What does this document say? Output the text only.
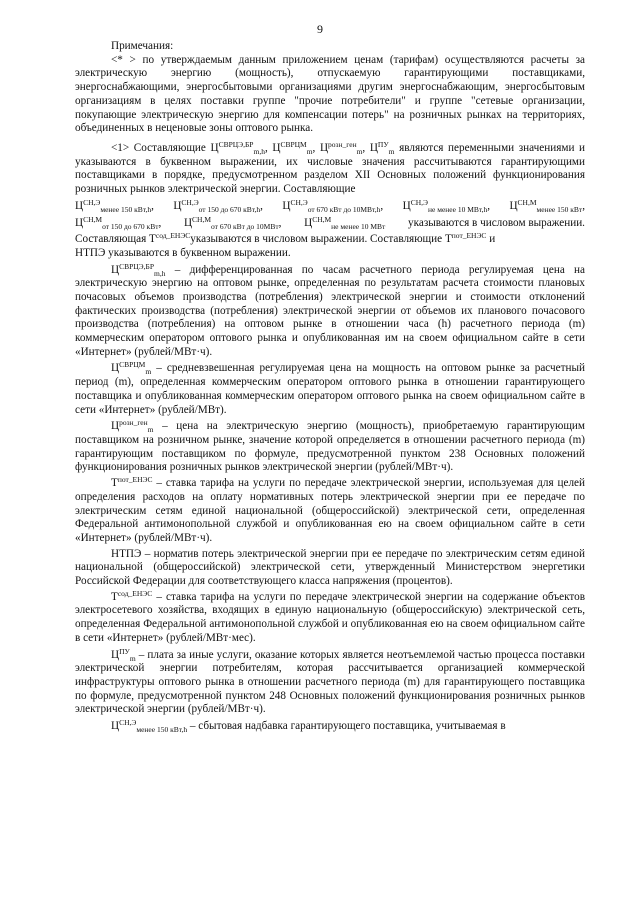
9

Примечания:

<* > по утверждаемым данным приложением ценам (тарифам) осуществляются расчеты за электрическую энергию (мощность), отпускаемую гарантирующими поставщиками, энергоснабжающими, энергосбытовыми организациями другим энергоснабжающим, энергосбытовым организациям в целях поставки группе "прочие потребители" и группе "сетевые организации, покупающие электрическую энергию для компенсации потерь" на розничных рынках на территориях, объединенных в неценовые зоны оптового рынка.

<1> Составляющие $Ц^{СВРЦЭ,БР}_{m,h}$, $Ц^{СВРЦМ}_m$, $Ц^{розн\_ген}_m$, $Ц^{ПУ}_m$ являются переменными значениями и указываются в буквенном выражении, их числовые значения рассчитываются гарантирующими поставщиками в порядке, предусмотренном разделом XII Основных положений функционирования розничных рынков электрической энергии. Составляющие

$Ц^{СН,Э}_{менее 150 кВт,h}$, $Ц^{СН,Э}_{от 150 до 670 кВт,h}$, $Ц^{СН,Э}_{от 670 кВт до 10МВт,h}$, $Ц^{СН,Э}_{не менее 10 МВт,h}$, $Ц^{СН,М}_{менее 150 кВт}$,
$Ц^{СН,М}_{от 150 до 670 кВт}$, $Ц^{СН,М}_{от 670 кВт до 10МВт}$, $Ц^{СН,М}_{не менее 10 МВт}$ указываются в числовом выражении.

Составляющая $Т^{сод\_ЕНЭС}указываются$ в числовом выражении. Составляющие $Т^{пот\_ЕНЭС}$ и

НТПЭ указываются в буквенном выражении.

$Ц^{СВРЦЭ,БР}_{m,h}$ – дифференцированная по часам расчетного периода регулируемая цена на электрическую энергию на оптовом рынке, определенная по результатам расчета стоимости плановых почасовых объемов производства (потребления) электрической энергии и стоимости отклонений фактических производства (потребления) электрической энергии от объемов их планового почасового производства (потребления) на оптовом рынке в отношении часа (h) расчетного периода (m) коммерческим оператором оптового рынка и опубликованная им на своем официальном сайте в сети «Интернет» (рублей/МВт·ч).

$Ц^{СВРЦМ}_m$ – средневзвешенная регулируемая цена на мощность на оптовом рынке за расчетный период (m), определенная коммерческим оператором оптового рынка в отношении гарантирующего поставщика и опубликованная коммерческим оператором оптового рынка на своем официальном сайте в сети «Интернет» (рублей/МВт).

$Ц^{розн\_ген}_m$ – цена на электрическую энергию (мощность), приобретаемую гарантирующим поставщиком на розничном рынке, значение которой определяется в отношении расчетного периода (m) гарантирующим поставщиком по формуле, предусмотренной пунктом 238 Основных положений функционирования розничных рынков электрической энергии (рублей/МВт·ч).

$Т^{пот\_ЕНЭС}$ – ставка тарифа на услуги по передаче электрической энергии, используемая для целей определения расходов на оплату нормативных потерь электрической энергии при ее передаче по электрическим сетям единой национальной (общероссийской) электрической сети, определенная Федеральной антимонопольной службой и опубликованная ею на своем официальном сайте в сети «Интернет» (рублей/МВт·ч).

НТПЭ – норматив потерь электрической энергии при ее передаче по электрическим сетям единой национальной (общероссийской) электрической сети, утвержденный Министерством энергетики Российской Федерации для соответствующего класса напряжения (процентов).

$Т^{сод\_ЕНЭС}$ – ставка тарифа на услуги по передаче электрической энергии на содержание объектов электросетевого хозяйства, входящих в единую национальную (общероссийскую) электрической сеть, определенная Федеральной антимонопольной службой и опубликованная ею на своем официальном сайте в сети «Интернет» (рублей/МВт·мес).

$Ц^{ПУ}_m$ – плата за иные услуги, оказание которых является неотъемлемой частью процесса поставки электрической энергии потребителям, которая рассчитывается организацией коммерческой инфраструктуры оптового рынка в отношении расчетного периода (m) для гарантирующего поставщика по формуле, предусмотренной пунктом 248 Основных положений функционирования розничных рынков электрической энергии (рублей/МВт·ч).

$Ц^{СН,Э}_{менее 150 кВт,h}$ – сбытовая надбавка гарантирующего поставщика, учитываемая в
